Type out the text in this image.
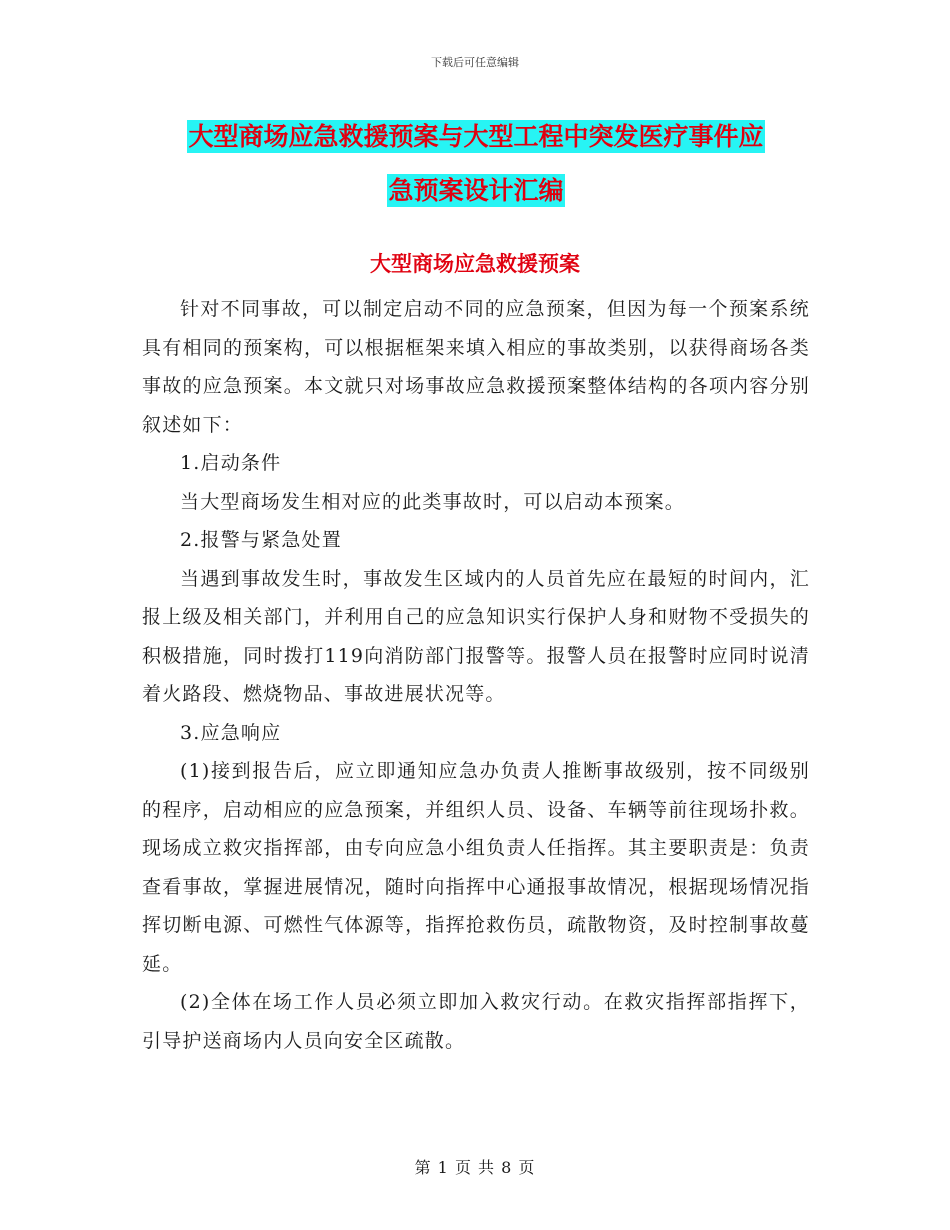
下载后可任意编辑
大型商场应急救援预案与大型工程中突发医疗事件应
急预案设计汇编
大型商场应急救援预案

针对不同事故，可以制定启动不同的应急预案，但因为每一个预案系统具有相同的预案构，可以根据框架来填入相应的事故类别，以获得商场各类事故的应急预案。本文就只对场事故应急救援预案整体结构的各项内容分别叙述如下：

1.启动条件

当大型商场发生相对应的此类事故时，可以启动本预案。

2.报警与紧急处置

当遇到事故发生时，事故发生区域内的人员首先应在最短的时间内，汇报上级及相关部门，并利用自己的应急知识实行保护人身和财物不受损失的积极措施，同时拨打119向消防部门报警等。报警人员在报警时应同时说清着火路段、燃烧物品、事故进展状况等。

3.应急响应

(1)接到报告后，应立即通知应急办负责人推断事故级别，按不同级别的程序，启动相应的应急预案，并组织人员、设备、车辆等前往现场扑救。现场成立救灾指挥部，由专向应急小组负责人任指挥。其主要职责是：负责查看事故，掌握进展情况，随时向指挥中心通报事故情况，根据现场情况指挥切断电源、可燃性气体源等，指挥抢救伤员，疏散物资，及时控制事故蔓延。

(2)全体在场工作人员必须立即加入救灾行动。在救灾指挥部指挥下，引导护送商场内人员向安全区疏散。

第 1 页 共 8 页
